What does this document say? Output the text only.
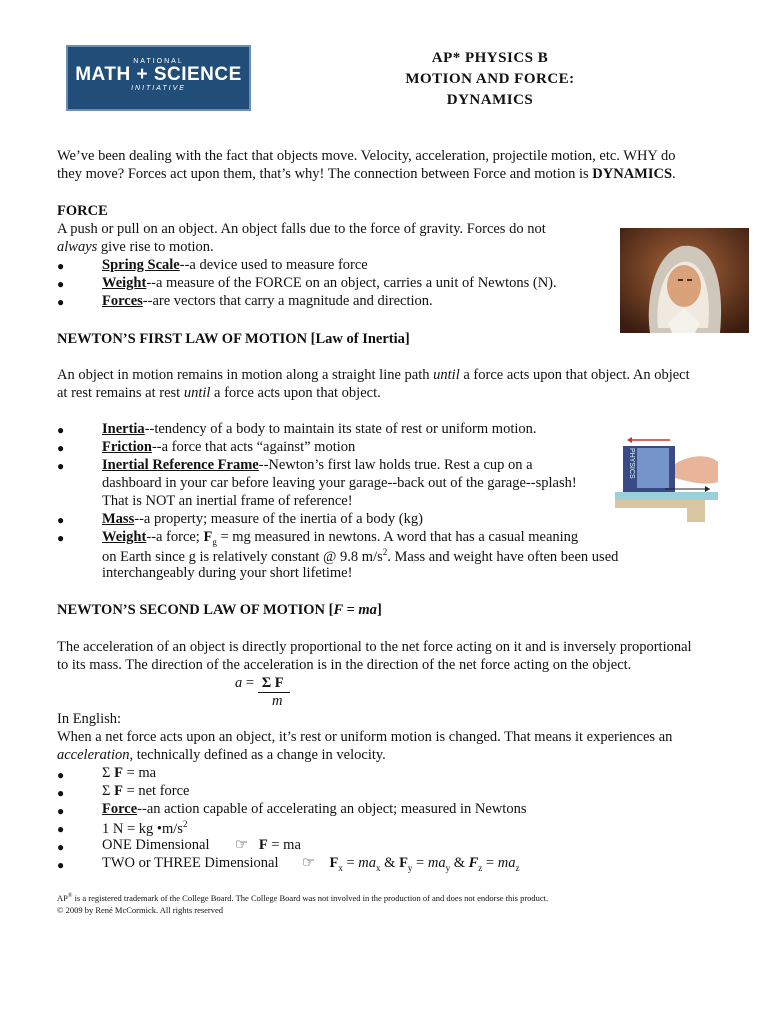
NATIONAL
MATH + SCIENCE
INITIATIVE
AP* PHYSICS B
MOTION AND FORCE:
DYNAMICS
We’ve been dealing with the fact that objects move. Velocity, acceleration, projectile motion, etc. WHY do
they move? Forces act upon them, that’s why! The connection between Force and motion is DYNAMICS.
FORCE
A push or pull on an object. An object falls due to the force of gravity. Forces do not
always give rise to motion.
●	Spring Scale--a device used to measure force
●	Weight--a measure of the FORCE on an object, carries a unit of Newtons (N).
●	Forces--are vectors that carry a magnitude and direction.
NEWTON’S FIRST LAW OF MOTION [Law of Inertia]
An object in motion remains in motion along a straight line path until a force acts upon that object. An object
at rest remains at rest until a force acts upon that object.
●	Inertia--tendency of a body to maintain its state of rest or uniform motion.
●	Friction--a force that acts “against” motion
●	Inertial Reference Frame--Newton’s first law holds true. Rest a cup on a
dashboard in your car before leaving your garage--back out of the garage--splash!
That is NOT an inertial frame of reference!
●	Mass--a property; measure of the inertia of a body (kg)
●	Weight--a force; $F_g$ = mg measured in newtons. A word that has a casual meaning
on Earth since g is relatively constant @ 9.8 $m/s^2$. Mass and weight have often been used
interchangeably during your short lifetime!
PHYSICS
NEWTON’S SECOND LAW OF MOTION [F = ma]
The acceleration of an object is directly proportional to the net force acting on it and is inversely proportional
to its mass. The direction of the acceleration is in the direction of the net force acting on the object.
a = Σ F
m
In English:
When a net force acts upon an object, it’s rest or uniform motion is changed. That means it experiences an
acceleration, technically defined as a change in velocity.
●	Σ F = ma
●	Σ F = net force
●	Force--an action capable of accelerating an object; measured in Newtons
●	1 N = kg $•m/s^2$
●	ONE Dimensional ☞ F = ma
●	TWO or THREE Dimensional ☞ $F_x = ma_x$ & $F_y = ma_y$ & $F_z = ma_z$
AP® is a registered trademark of the College Board. The College Board was not involved in the production of and does not endorse this product.
© 2009 by René McCormick. All rights reserved
